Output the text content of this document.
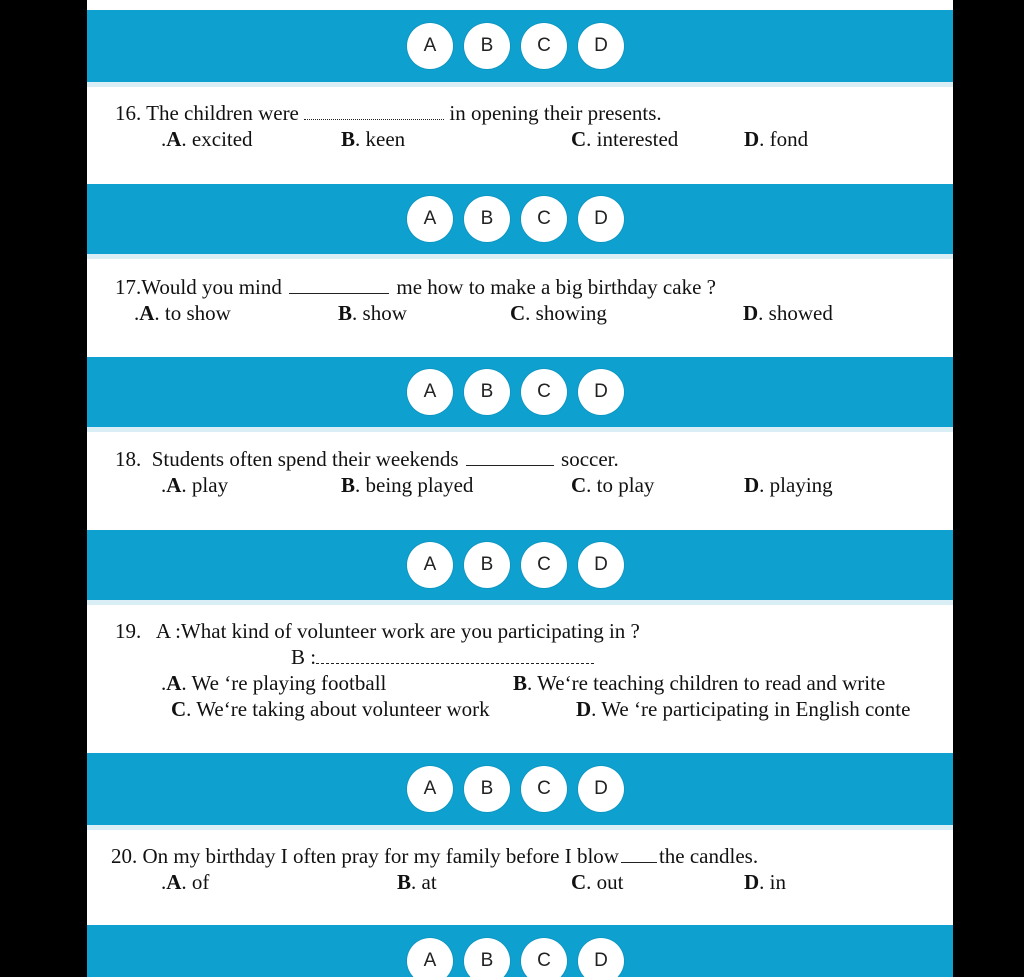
A	B	C	D
16. The children were	in opening their presents.
.A. excited	B. keen	C. interested	D. fond
A	B	C	D
17.Would you mind	me how to make a big birthday cake ?
.A. to show	B. show	C. showing	D. showed
A	B	C	D
18. Students often spend their weekends	soccer.
.A. play	B. being played	C. to play	D. playing
A	B	C	D
19. A :What kind of volunteer work are you participating in ?
B :
.A. We ‘re playing football	B. We‘re teaching children to read and write
C. We‘re taking about volunteer work	D. We ‘re participating in English conte
A	B	C	D
20. On my birthday I often pray for my family before I blow the candles.
.A. of	B. at	C. out	D. in
A	B	C	D
